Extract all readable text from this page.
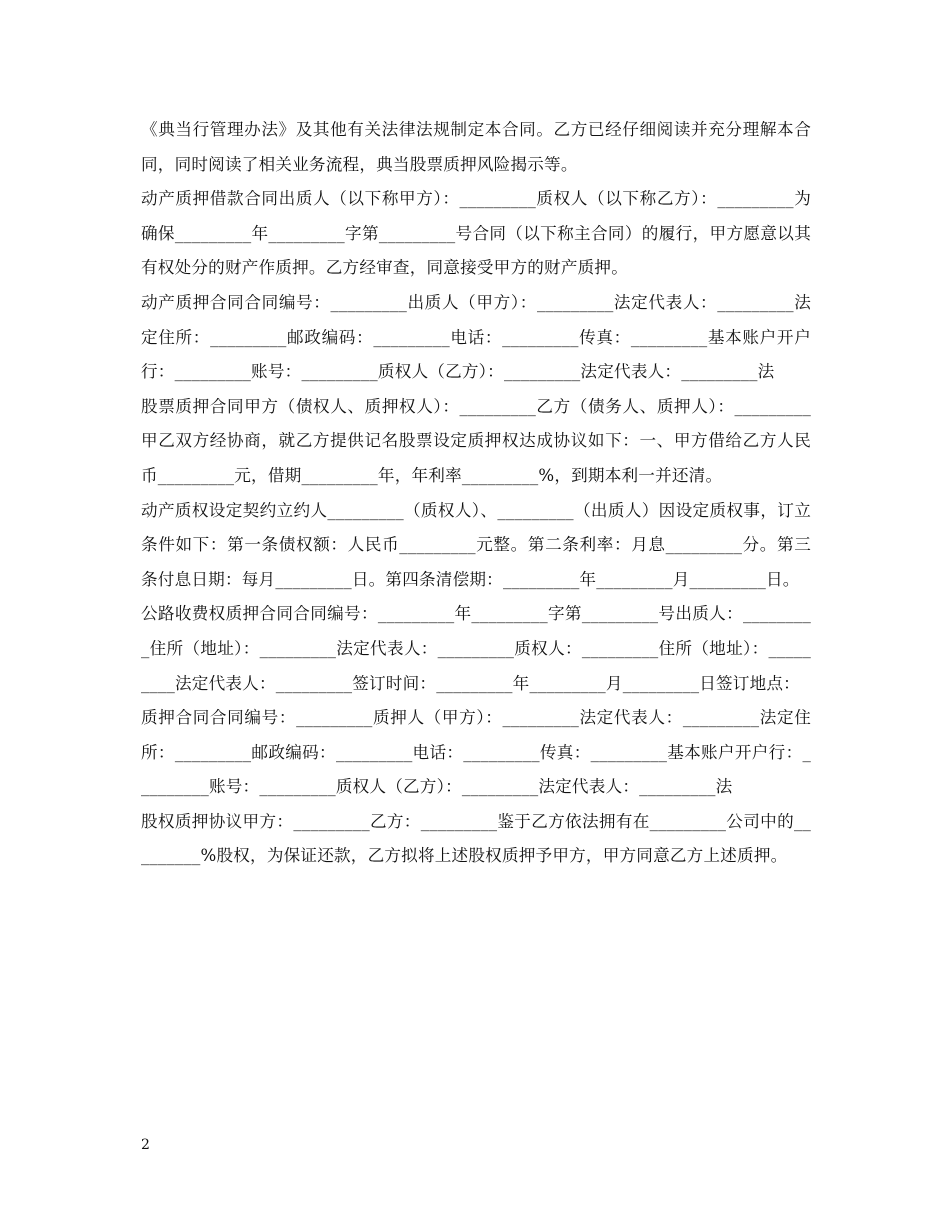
《典当行管理办法》及其他有关法律法规制定本合同。乙方已经仔细阅读并充分理解本合同，同时阅读了相关业务流程，典当股票质押风险揭示等。

动产质押借款合同出质人（以下称甲方）：_________质权人（以下称乙方）：_________为确保_________年_________字第_________号合同（以下称主合同）的履行，甲方愿意以其有权处分的财产作质押。乙方经审查，同意接受甲方的财产质押。

动产质押合同合同编号：_________出质人（甲方）：_________法定代表人：_________法定住所：_________邮政编码：_________电话：_________传真：_________基本账户开户行：_________账号：_________质权人（乙方）：_________法定代表人：_________法

股票质押合同甲方（债权人、质押权人）：_________乙方（债务人、质押人）：_________甲乙双方经协商，就乙方提供记名股票设定质押权达成协议如下：一、甲方借给乙方人民币_________元，借期_________年，年利率_________%，到期本利一并还清。

动产质权设定契约立约人_________（质权人）、_________（出质人）因设定质权事，订立条件如下：第一条债权额：人民币_________元整。第二条利率：月息_________分。第三条付息日期：每月_________日。第四条清偿期：_________年_________月_________日。

公路收费权质押合同合同编号：_________年_________字第_________号出质人：_________住所（地址）：_________法定代表人：_________质权人：_________住所（地址）：_________法定代表人：_________签订时间：_________年_________月_________日签订地点：

质押合同合同编号：_________质押人（甲方）：_________法定代表人：_________法定住所：_________邮政编码：_________电话：_________传真：_________基本账户开户行：_________账号：_________质权人（乙方）：_________法定代表人：_________法

股权质押协议甲方：_________乙方：_________鉴于乙方依法拥有在_________公司中的_________%股权，为保证还款，乙方拟将上述股权质押予甲方，甲方同意乙方上述质押。

2
